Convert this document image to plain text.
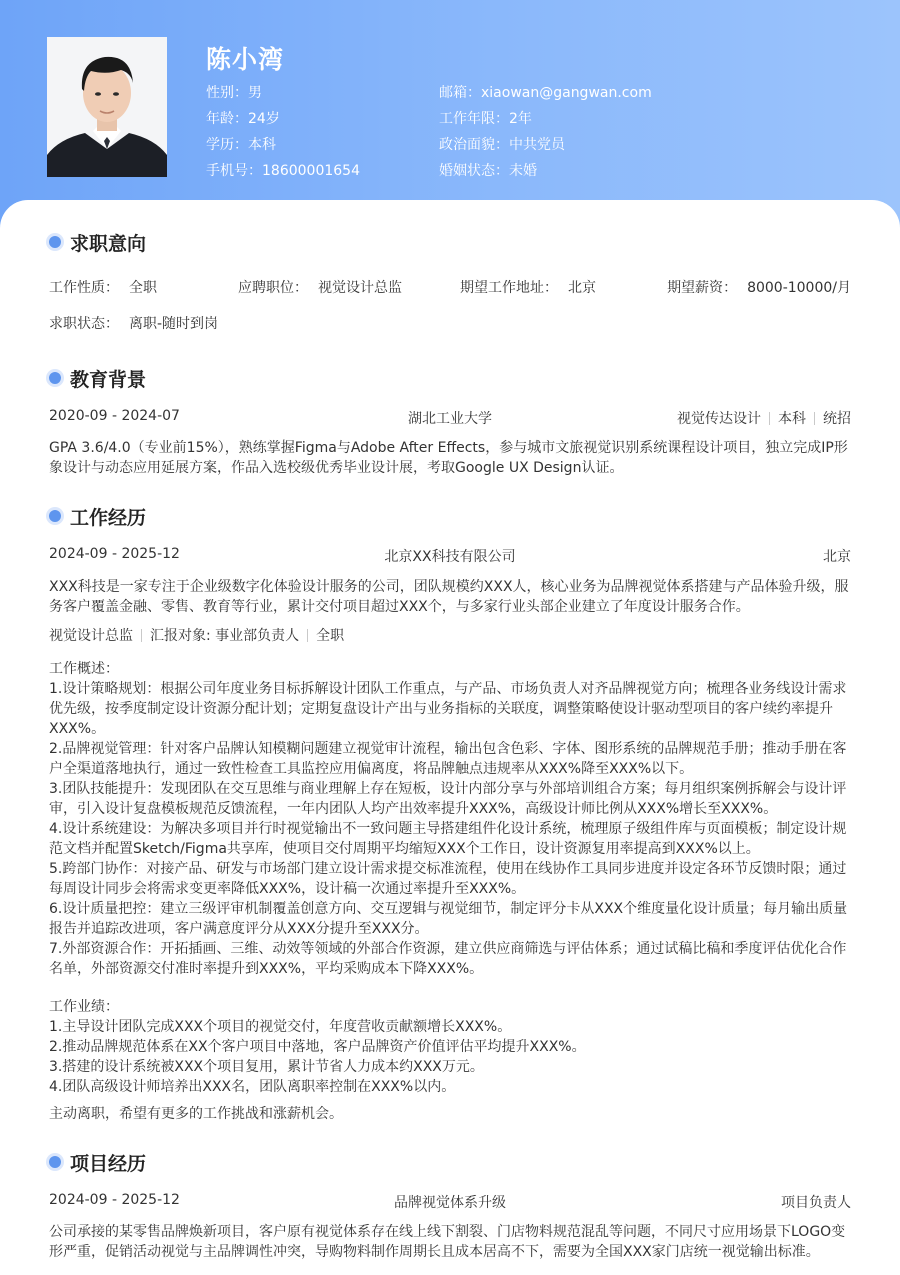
陈小湾
性别 ： 男
年龄 ： 24岁
学历 ： 本科
手机号 ： 18600001654
邮箱 ： xiaowan@gangwan.com
工作年限 ： 2年
政治面貌 ： 中共党员
婚姻状态 ： 未婚
求职意向
工作性质 ： 全职	应聘职位 ： 视觉设计总监	期望工作地址 ： 北京	期望薪资 ： 8000-10000/月
求职状态 ： 离职-随时到岗
教育背景
2020-09 - 2024-07	湖北工业大学	视觉传达设计	本科	统招
GPA 3.6/4.0（专业前15%），熟练掌握Figma与Adobe After Effects，参与城市文旅视觉识别系统课程设计项目，独立完成IP形象设计与动态应用延展方案，作品入选校级优秀毕业设计展，考取Google UX Design认证。
工作经历
2024-09 - 2025-12	北京XX科技有限公司	北京
XXX科技是一家专注于企业级数字化体验设计服务的公司，团队规模约XXX人，核心业务为品牌视觉体系搭建与产品体验升级，服务客户覆盖金融、零售、教育等行业，累计交付项目超过XXX个，与多家行业头部企业建立了年度设计服务合作。
视觉设计总监	汇报对象: 事业部负责人	全职
工作概述：
1.设计策略规划：根据公司年度业务目标拆解设计团队工作重点，与产品、市场负责人对齐品牌视觉方向；梳理各业务线设计需求优先级，按季度制定设计资源分配计划；定期复盘设计产出与业务指标的关联度，调整策略使设计驱动型项目的客户续约率提升XXX%。
2.品牌视觉管理：针对客户品牌认知模糊问题建立视觉审计流程，输出包含色彩、字体、图形系统的品牌规范手册；推动手册在客户全渠道落地执行，通过一致性检查工具监控应用偏离度，将品牌触点违规率从XXX%降至XXX%以下。
3.团队技能提升：发现团队在交互思维与商业理解上存在短板，设计内部分享与外部培训组合方案；每月组织案例拆解会与设计评审，引入设计复盘模板规范反馈流程，一年内团队人均产出效率提升XXX%，高级设计师比例从XXX%增长至XXX%。
4.设计系统建设：为解决多项目并行时视觉输出不一致问题主导搭建组件化设计系统，梳理原子级组件库与页面模板；制定设计规范文档并配置Sketch/Figma共享库，使项目交付周期平均缩短XXX个工作日，设计资源复用率提高到XXX%以上。
5.跨部门协作：对接产品、研发与市场部门建立设计需求提交标准流程，使用在线协作工具同步进度并设定各环节反馈时限；通过每周设计同步会将需求变更率降低XXX%，设计稿一次通过率提升至XXX%。
6.设计质量把控：建立三级评审机制覆盖创意方向、交互逻辑与视觉细节，制定评分卡从XXX个维度量化设计质量；每月输出质量报告并追踪改进项，客户满意度评分从XXX分提升至XXX分。
7.外部资源合作：开拓插画、三维、动效等领域的外部合作资源，建立供应商筛选与评估体系；通过试稿比稿和季度评估优化合作名单，外部资源交付准时率提升到XXX%，平均采购成本下降XXX%。
工作业绩：
1.主导设计团队完成XXX个项目的视觉交付，年度营收贡献额增长XXX%。
2.推动品牌规范体系在XX个客户项目中落地，客户品牌资产价值评估平均提升XXX%。
3.搭建的设计系统被XXX个项目复用，累计节省人力成本约XXX万元。
4.团队高级设计师培养出XXX名，团队离职率控制在XXX%以内。
主动离职，希望有更多的工作挑战和涨薪机会。
项目经历
2024-09 - 2025-12	品牌视觉体系升级	项目负责人
公司承接的某零售品牌焕新项目，客户原有视觉体系存在线上线下割裂、门店物料规范混乱等问题，不同尺寸应用场景下LOGO变形严重，促销活动视觉与主品牌调性冲突，导购物料制作周期长且成本居高不下，需要为全国XXX家门店统一视觉输出标准。
